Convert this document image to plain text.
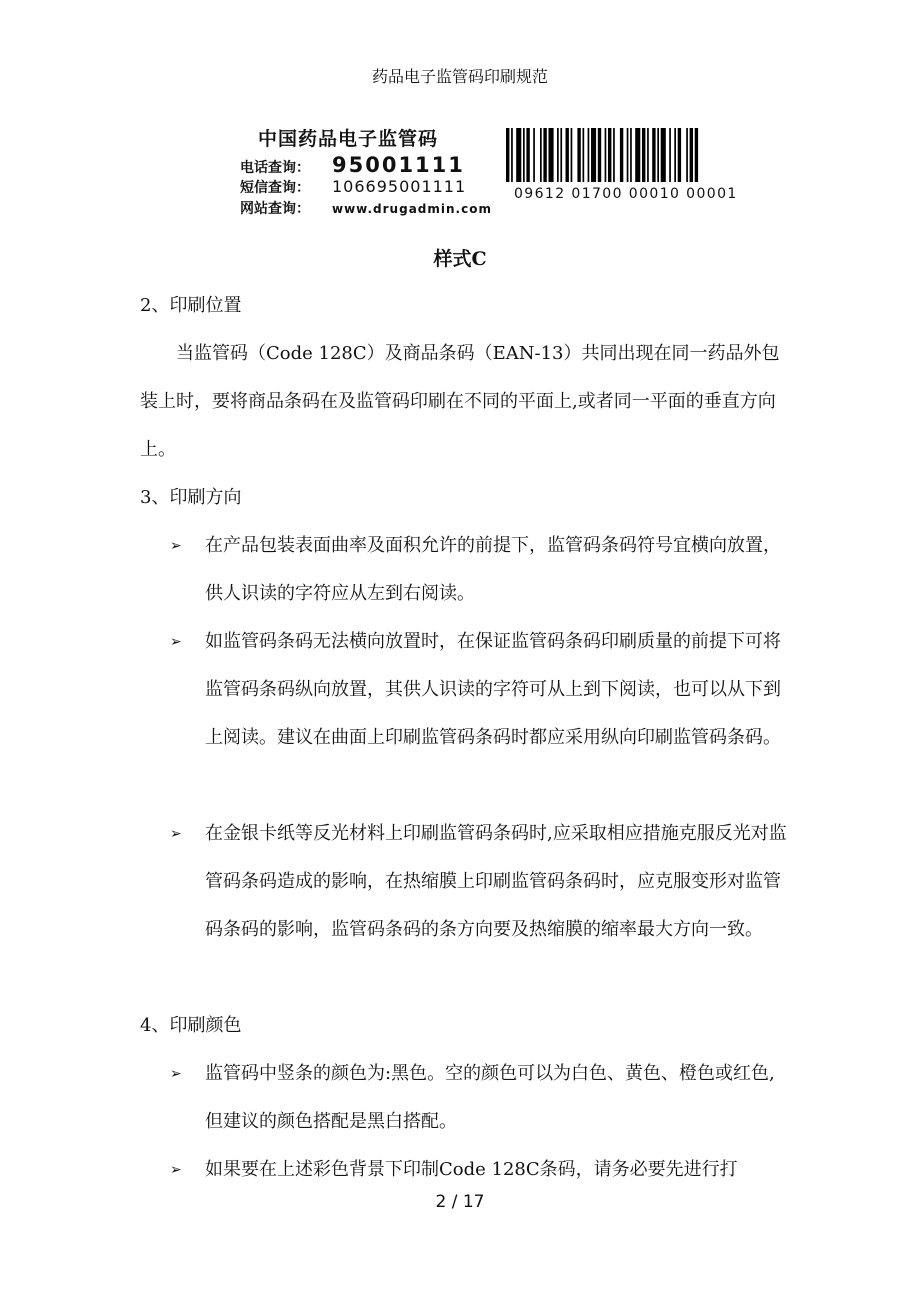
药品电子监管码印刷规范
中国药品电子监管码
电话查询： 95001111
短信查询： 106695001111
网站查询： www.drugadmin.com
09612 01700 00010 00001
样式C
2、印刷位置
当监管码（Code 128C）及商品条码（EAN-13）共同出现在同一药品外包装上时，要将商品条码在及监管码印刷在不同的平面上,或者同一平面的垂直方向上。
3、印刷方向
➢	在产品包装表面曲率及面积允许的前提下，监管码条码符号宜横向放置，供人识读的字符应从左到右阅读。
➢	如监管码条码无法横向放置时，在保证监管码条码印刷质量的前提下可将监管码条码纵向放置，其供人识读的字符可从上到下阅读，也可以从下到上阅读。建议在曲面上印刷监管码条码时都应采用纵向印刷监管码条码。
➢	在金银卡纸等反光材料上印刷监管码条码时,应采取相应措施克服反光对监管码条码造成的影响，在热缩膜上印刷监管码条码时，应克服变形对监管码条码的影响，监管码条码的条方向要及热缩膜的缩率最大方向一致。
4、印刷颜色
➢	监管码中竖条的颜色为:黑色。空的颜色可以为白色、黄色、橙色或红色,但建议的颜色搭配是黑白搭配。
➢	如果要在上述彩色背景下印制Code 128C条码，请务必要先进行打
2 / 17
